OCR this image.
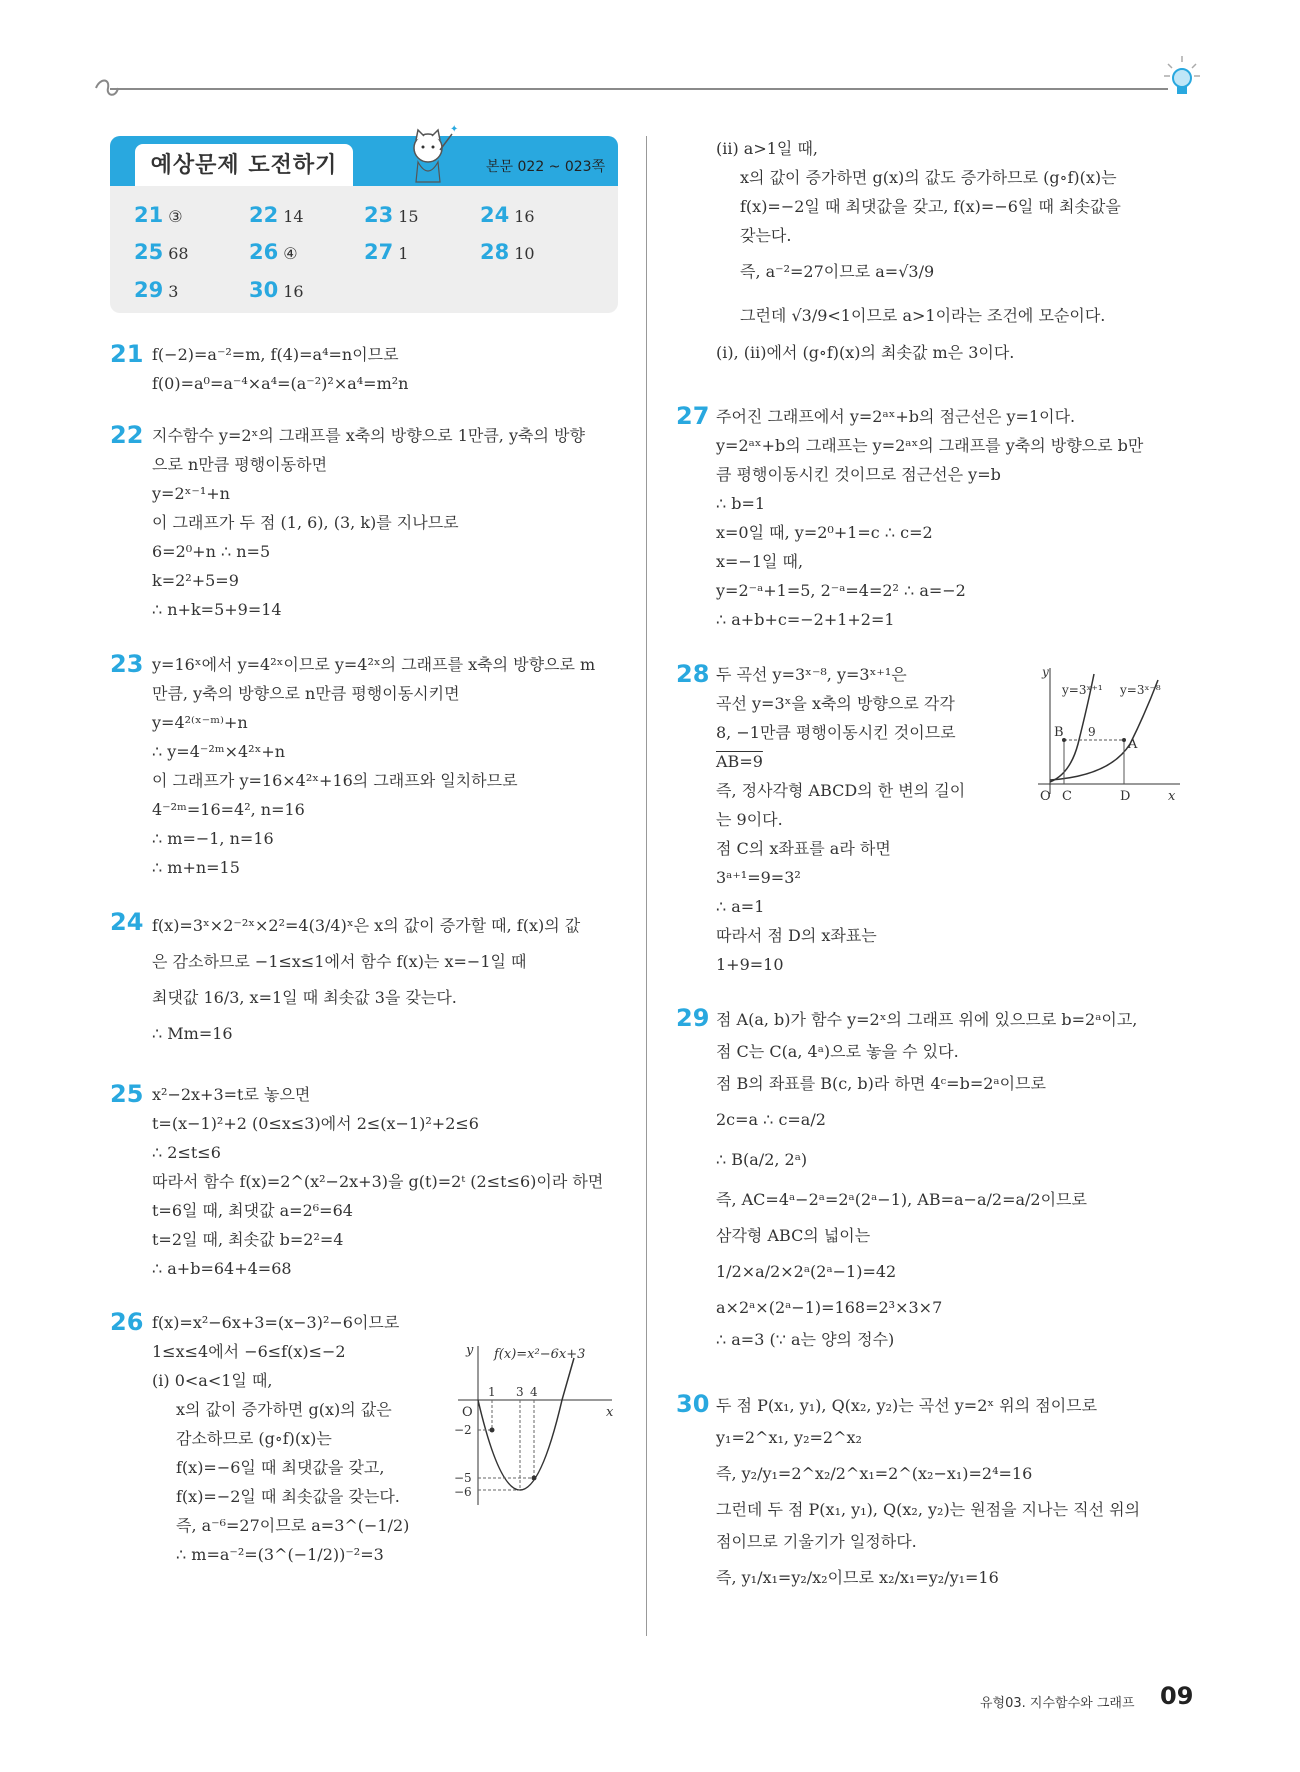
예상문제 도전하기	본문 022 ~ 023쪽
✦
21 ③	22 14	23 15	24 16
25 68	26 ④	27 1	28 10
29 3	30 16
21 f(−2)=a⁻²=m, f(4)=a⁴=n이므로
f(0)=a⁰=a⁻⁴×a⁴=(a⁻²)²×a⁴=m²n
22 지수함수 y=2ˣ의 그래프를 x축의 방향으로 1만큼, y축의 방향
으로 n만큼 평행이동하면
y=2ˣ⁻¹+n
이 그래프가 두 점 (1, 6), (3, k)를 지나므로
6=2⁰+n ∴ n=5
k=2²+5=9
∴ n+k=5+9=14
23 y=16ˣ에서 y=4²ˣ이므로 y=4²ˣ의 그래프를 x축의 방향으로 m
만큼, y축의 방향으로 n만큼 평행이동시키면
y=4²⁽ˣ⁻ᵐ⁾+n
∴ y=4⁻²ᵐ×4²ˣ+n
이 그래프가 y=16×4²ˣ+16의 그래프와 일치하므로
4⁻²ᵐ=16=4², n=16
∴ m=−1, n=16
∴ m+n=15
24 f(x)=3ˣ×2⁻²ˣ×2²=4(3/4)ˣ은 x의 값이 증가할 때, f(x)의 값
은 감소하므로 −1≤x≤1에서 함수 f(x)는 x=−1일 때
최댓값 16/3, x=1일 때 최솟값 3을 갖는다.
∴ Mm=16
25 x²−2x+3=t로 놓으면
t=(x−1)²+2 (0≤x≤3)에서 2≤(x−1)²+2≤6
∴ 2≤t≤6
따라서 함수 f(x)=2^(x²−2x+3)을 g(t)=2ᵗ (2≤t≤6)이라 하면
t=6일 때, 최댓값 a=2⁶=64
t=2일 때, 최솟값 b=2²=4
∴ a+b=64+4=68
26 f(x)=x²−6x+3=(x−3)²−6이므로
1≤x≤4에서 −6≤f(x)≤−2
(i) 0<a<1일 때,
x의 값이 증가하면 g(x)의 값은
감소하므로 (g∘f)(x)는
f(x)=−6일 때 최댓값을 갖고,
f(x)=−2일 때 최솟값을 갖는다.
즉, a⁻⁶=27이므로 a=3^(−1/2)
∴ m=a⁻²=(3^(−1/2))⁻²=3
y f(x)=x²−6x+3
x
O
1 3 4
−2
−5
−6
(ii) a>1일 때,
x의 값이 증가하면 g(x)의 값도 증가하므로 (g∘f)(x)는
f(x)=−2일 때 최댓값을 갖고, f(x)=−6일 때 최솟값을
갖는다.
즉, a⁻²=27이므로 a=√3/9
그런데 √3/9<1이므로 a>1이라는 조건에 모순이다.
(i), (ii)에서 (g∘f)(x)의 최솟값 m은 3이다.
27 주어진 그래프에서 y=2ᵃˣ+b의 점근선은 y=1이다.
y=2ᵃˣ+b의 그래프는 y=2ᵃˣ의 그래프를 y축의 방향으로 b만
큼 평행이동시킨 것이므로 점근선은 y=b
∴ b=1
x=0일 때, y=2⁰+1=c ∴ c=2
x=−1일 때,
y=2⁻ᵃ+1=5, 2⁻ᵃ=4=2² ∴ a=−2
∴ a+b+c=−2+1+2=1
28 두 곡선 y=3ˣ⁻⁸, y=3ˣ⁺¹은
곡선 y=3ˣ을 x축의 방향으로 각각
8, −1만큼 평행이동시킨 것이므로
AB=9
즉, 정사각형 ABCD의 한 변의 길이
는 9이다.
점 C의 x좌표를 a라 하면
3ᵃ⁺¹=9=3²
∴ a=1
따라서 점 D의 x좌표는
1+9=10
y
y=3ˣ⁺¹ y=3ˣ⁻⁸
B 9
A
O C	D	x
29 점 A(a, b)가 함수 y=2ˣ의 그래프 위에 있으므로 b=2ᵃ이고,
점 C는 C(a, 4ᵃ)으로 놓을 수 있다.
점 B의 좌표를 B(c, b)라 하면 4ᶜ=b=2ᵃ이므로
2c=a ∴ c=a/2
∴ B(a/2, 2ᵃ)
즉, AC=4ᵃ−2ᵃ=2ᵃ(2ᵃ−1), AB=a−a/2=a/2이므로
삼각형 ABC의 넓이는
1/2×a/2×2ᵃ(2ᵃ−1)=42
a×2ᵃ×(2ᵃ−1)=168=2³×3×7
∴ a=3 (∵ a는 양의 정수)
30 두 점 P(x₁, y₁), Q(x₂, y₂)는 곡선 y=2ˣ 위의 점이므로
y₁=2^x₁, y₂=2^x₂
즉, y₂/y₁=2^x₂/2^x₁=2^(x₂−x₁)=2⁴=16
그런데 두 점 P(x₁, y₁), Q(x₂, y₂)는 원점을 지나는 직선 위의
점이므로 기울기가 일정하다.
즉, y₁/x₁=y₂/x₂이므로 x₂/x₁=y₂/y₁=16
유형03. 지수함수와 그래프 09
